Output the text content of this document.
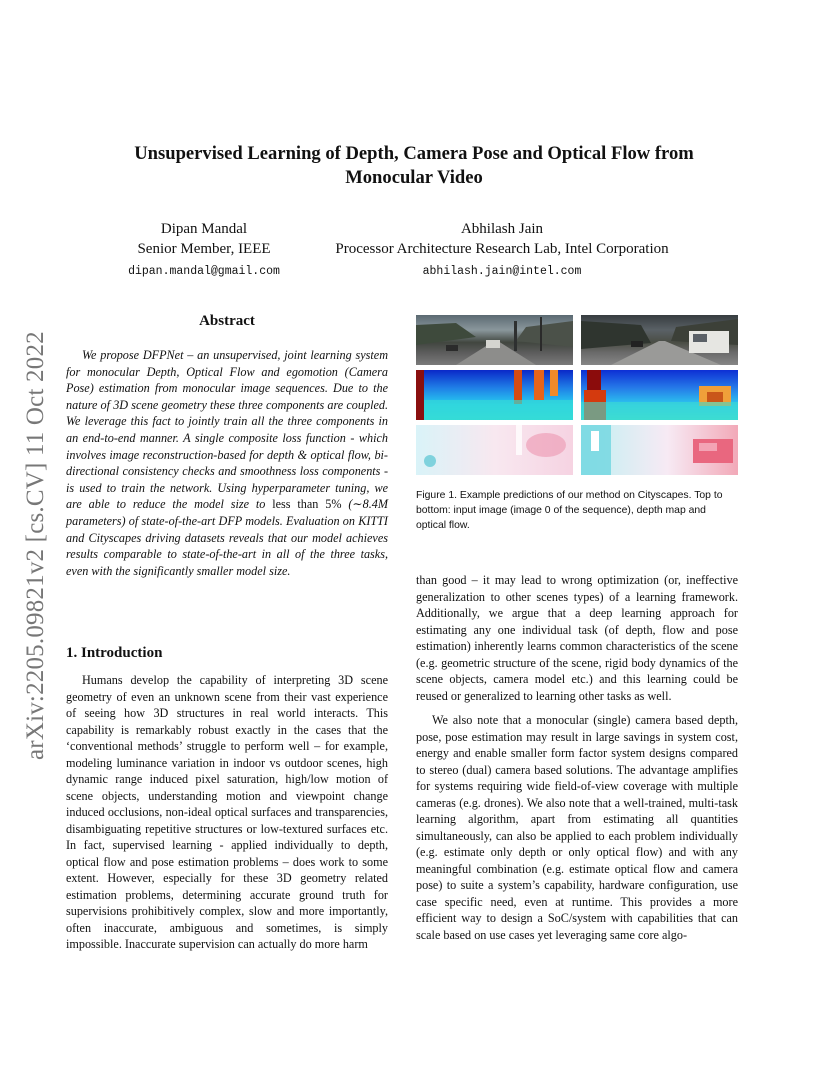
arXiv:2205.09821v2 [cs.CV] 11 Oct 2022
Unsupervised Learning of Depth, Camera Pose and Optical Flow from
Monocular Video
Dipan Mandal
Senior Member, IEEE
dipan.mandal@gmail.com
Abhilash Jain
Processor Architecture Research Lab, Intel Corporation
abhilash.jain@intel.com
Abstract
We propose DFPNet – an unsupervised, joint learning system for monocular Depth, Optical Flow and egomotion (Camera Pose) estimation from monocular image sequences. Due to the nature of 3D scene geometry these three components are coupled. We leverage this fact to jointly train all the three components in an end-to-end manner. A single composite loss function - which involves image reconstruction-based for depth & optical flow, bi-directional consistency checks and smoothness loss components - is used to train the network. Using hyperparameter tuning, we are able to reduce the model size to less than 5% (∼8.4M parameters) of state-of-the-art DFP models. Evaluation on KITTI and Cityscapes driving datasets reveals that our model achieves results comparable to state-of-the-art in all of the three tasks, even with the significantly smaller model size.
1. Introduction

Humans develop the capability of interpreting 3D scene geometry of even an unknown scene from their vast experience of seeing how 3D structures in real world interacts. This capability is remarkably robust exactly in the cases that the ‘conventional methods’ struggle to perform well – for example, modeling luminance variation in indoor vs outdoor scenes, high dynamic range induced pixel saturation, high/low motion of scene objects, understanding motion and viewpoint change induced occlusions, non-ideal optical surfaces and transparencies, disambiguating repetitive structures or low-textured surfaces etc. In fact, supervised learning - applied individually to depth, optical flow and pose estimation problems – does work to some extent. However, especially for these 3D geometry related estimation problems, determining accurate ground truth for supervisions prohibitively complex, slow and more importantly, often inaccurate, ambiguous and sometimes, is simply impossible. Inaccurate supervision can actually do more harm

Figure 1. Example predictions of our method on Cityscapes. Top to bottom: input image (image 0 of the sequence), depth map and optical flow.

than good – it may lead to wrong optimization (or, ineffective generalization to other scenes types) of a learning framework. Additionally, we argue that a deep learning approach for estimating any one individual task (of depth, flow and pose estimation) inherently learns common characteristics of the scene (e.g. geometric structure of the scene, rigid body dynamics of the scene objects, camera model etc.) and this learning could be reused or generalized to learning other tasks as well.

We also note that a monocular (single) camera based depth, pose, pose estimation may result in large savings in system cost, energy and enable smaller form factor system designs compared to stereo (dual) camera based solutions. The advantage amplifies for systems requiring wide field-of-view coverage with multiple cameras (e.g. drones). We also note that a well-trained, multi-task learning algorithm, apart from estimating all quantities simultaneously, can also be applied to each problem individually (e.g. estimate only depth or only optical flow) and with any meaningful combination (e.g. estimate optical flow and camera pose) to suite a system’s capability, hardware configuration, use case specific need, even at runtime. This provides a more efficient way to design a SoC/system with capabilities that can scale based on use cases yet leveraging same core algo-
